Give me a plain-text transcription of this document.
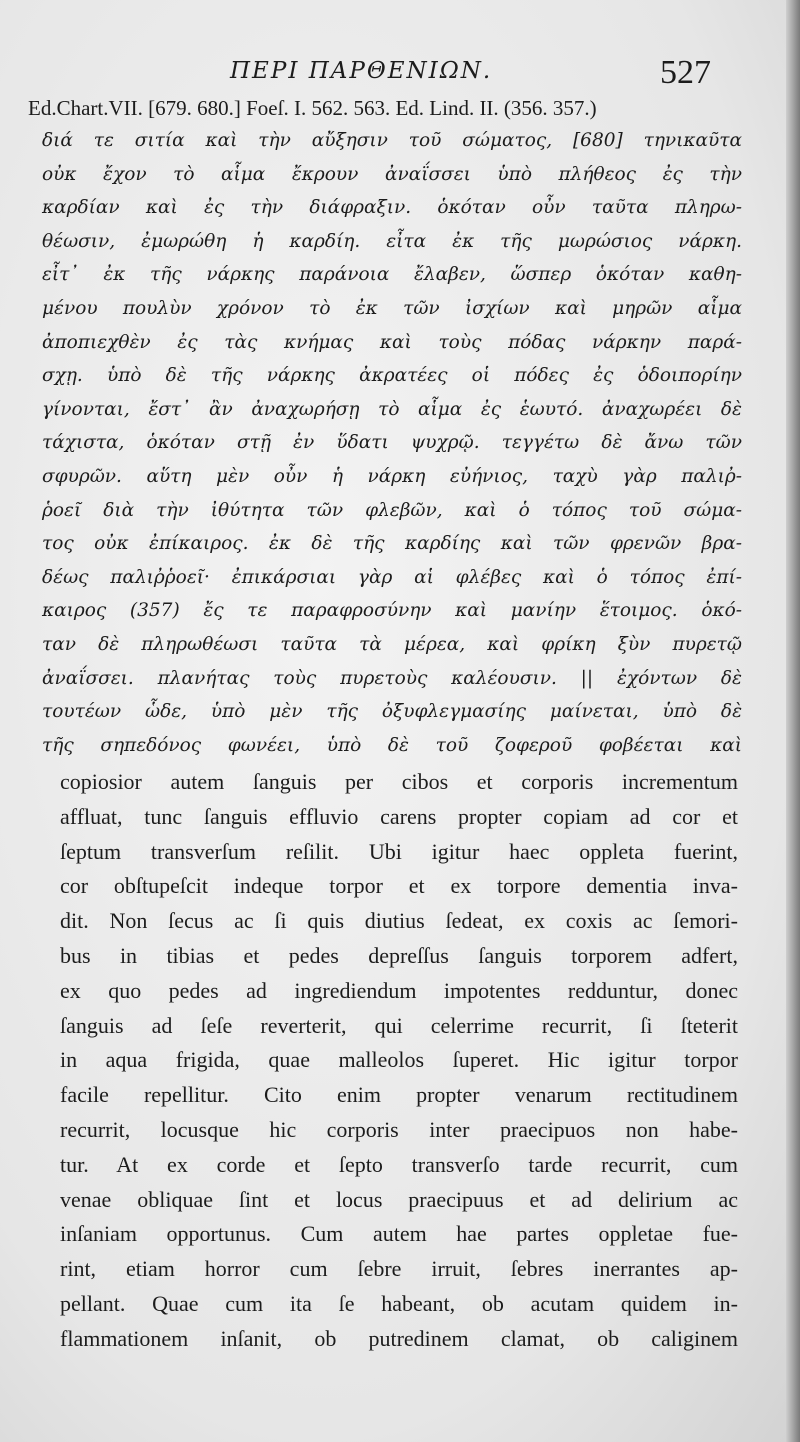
ΠΕΡΙ ΠΑΡΘΕΝΙΩΝ.	527
Ed.Chart.VII. [679. 680.] Foeſ. I. 562. 563. Ed. Lind. II. (356. 357.)
διά τε σιτία καὶ τὴν αὔξησιν τοῦ σώματος, [680] τηνικαῦτα
οὐκ ἔχον τὸ αἷμα ἔκρουν ἀναΐσσει ὑπὸ πλήθεος ἐς τὴν
καρδίαν καὶ ἐς τὴν διάφραξιν. ὁκόταν οὖν ταῦτα πληρω-
θέωσιν, ἐμωρώθη ἡ καρδίη. εἶτα ἐκ τῆς μωρώσιος νάρκη.
εἶτ᾽ ἐκ τῆς νάρκης παράνοια ἔλαβεν, ὥσπερ ὁκόταν καθη-
μένου πουλὺν χρόνον τὸ ἐκ τῶν ἰσχίων καὶ μηρῶν αἷμα
ἀποπιεχθὲν ἐς τὰς κνήμας καὶ τοὺς πόδας νάρκην παρά-
σχῃ. ὑπὸ δὲ τῆς νάρκης ἀκρατέες οἱ πόδες ἐς ὁδοιπορίην
γίνονται, ἔστ᾽ ἂν ἀναχωρήσῃ τὸ αἷμα ἐς ἑωυτό. ἀναχωρέει δὲ
τάχιστα, ὁκόταν στῇ ἐν ὕδατι ψυχρῷ. τεγγέτω δὲ ἄνω τῶν
σφυρῶν. αὕτη μὲν οὖν ἡ νάρκη εὐήνιος, ταχὺ γὰρ παλιῤ-
ῥοεῖ διὰ τὴν ἰθύτητα τῶν φλεβῶν, καὶ ὁ τόπος τοῦ σώμα-
τος οὐκ ἐπίκαιρος. ἐκ δὲ τῆς καρδίης καὶ τῶν φρενῶν βρα-
δέως παλιῤῥοεῖ· ἐπικάρσιαι γὰρ αἱ φλέβες καὶ ὁ τόπος ἐπί-
καιρος (357) ἔς τε παραφροσύνην καὶ μανίην ἕτοιμος. ὁκό-
ταν δὲ πληρωθέωσι ταῦτα τὰ μέρεα, καὶ φρίκη ξὺν πυρετῷ
ἀναΐσσει. πλανήτας τοὺς πυρετοὺς καλέουσιν. || ἐχόντων δὲ
τουτέων ὧδε, ὑπὸ μὲν τῆς ὀξυφλεγμασίης μαίνεται, ὑπὸ δὲ
τῆς σηπεδόνος φωνέει, ὑπὸ δὲ τοῦ ζοφεροῦ φοβέεται καὶ
copiosior autem ſanguis per cibos et corporis incrementum
affluat, tunc ſanguis effluvio carens propter copiam ad cor et
ſeptum transverſum reſilit. Ubi igitur haec oppleta fuerint,
cor obſtupeſcit indeque torpor et ex torpore dementia inva-
dit. Non ſecus ac ſi quis diutius ſedeat, ex coxis ac ſemori-
bus in tibias et pedes depreſſus ſanguis torporem adfert,
ex quo pedes ad ingrediendum impotentes redduntur, donec
ſanguis ad ſeſe reverterit, qui celerrime recurrit, ſi ſteterit
in aqua frigida, quae malleolos ſuperet. Hic igitur torpor
facile repellitur. Cito enim propter venarum rectitudinem
recurrit, locusque hic corporis inter praecipuos non habe-
tur. At ex corde et ſepto transverſo tarde recurrit, cum
venae obliquae ſint et locus praecipuus et ad delirium ac
inſaniam opportunus. Cum autem hae partes oppletae fue-
rint, etiam horror cum ſebre irruit, ſebres inerrantes ap-
pellant. Quae cum ita ſe habeant, ob acutam quidem in-
flammationem inſanit, ob putredinem clamat, ob caliginem
